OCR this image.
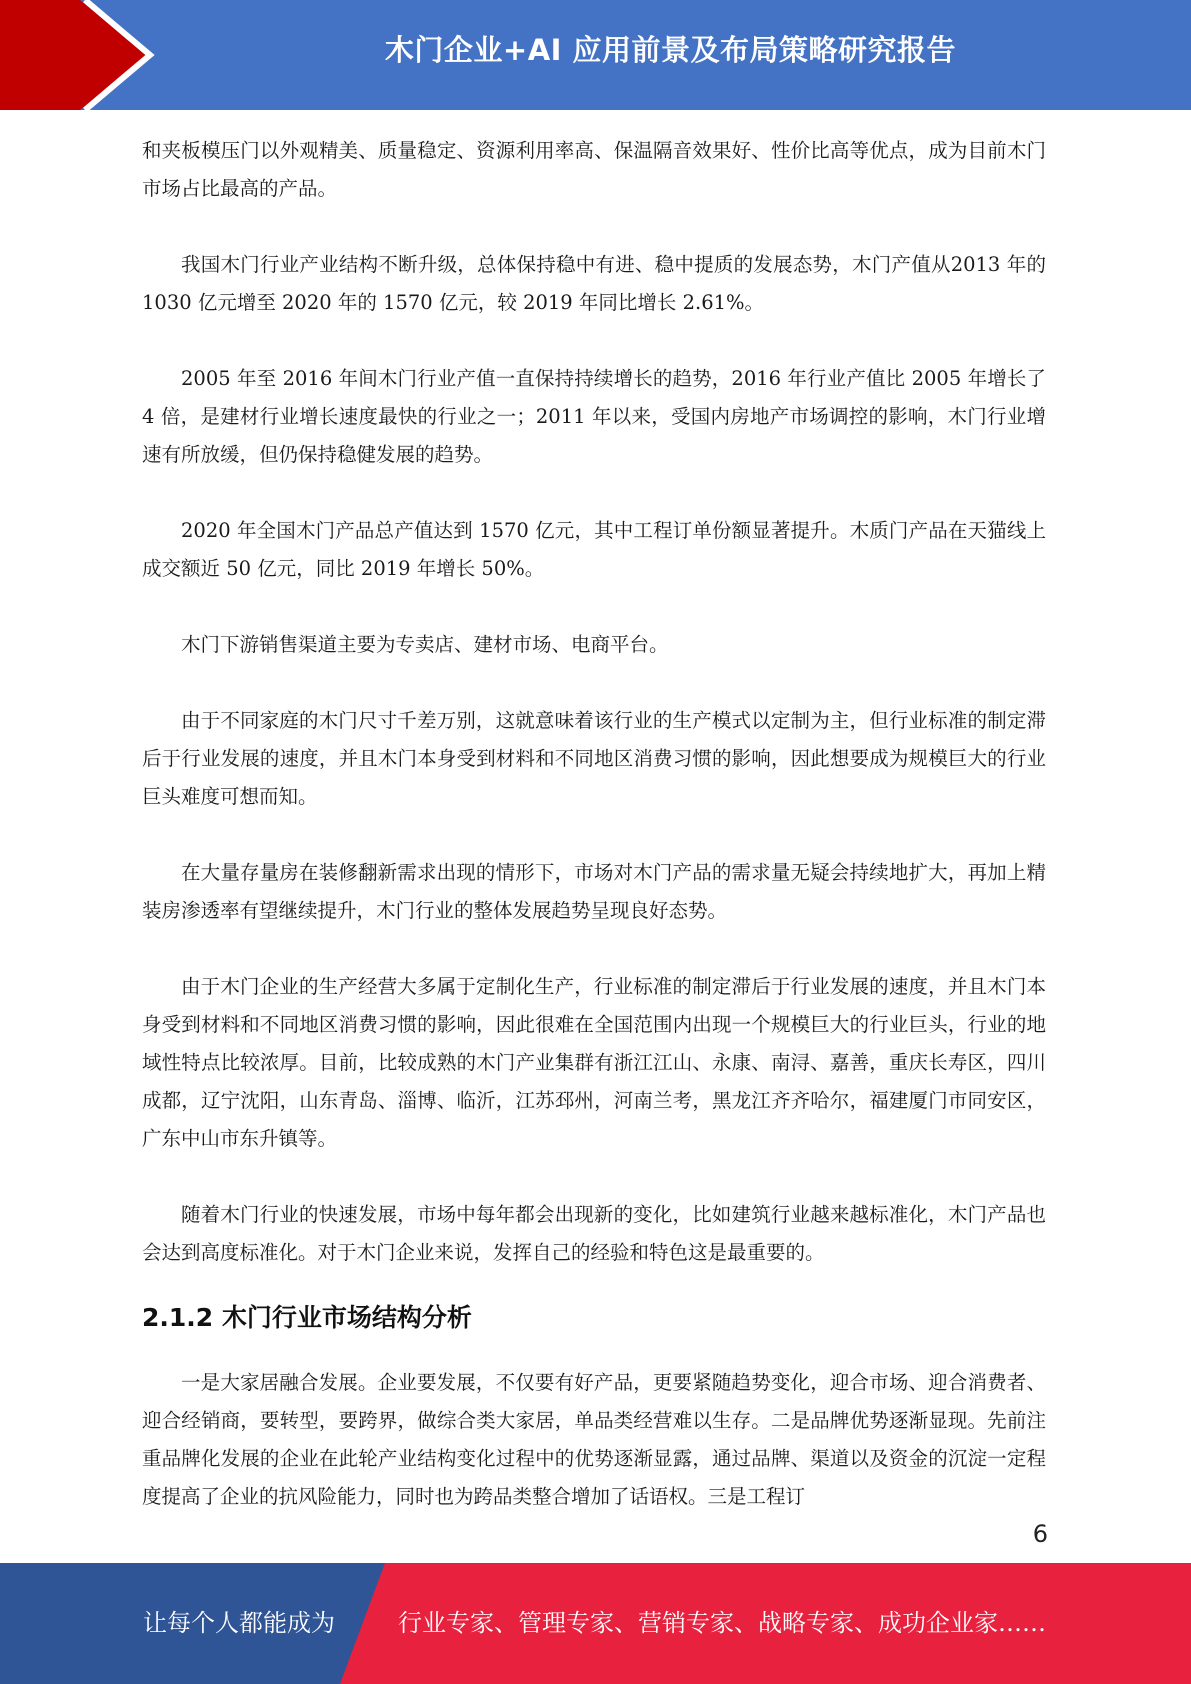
木门企业+AI 应用前景及布局策略研究报告

和夹板模压门以外观精美、质量稳定、资源利用率高、保温隔音效果好、性价比高等优点，成为目前木门市场占比最高的产品。

我国木门行业产业结构不断升级，总体保持稳中有进、稳中提质的发展态势，木门产值从2013 年的 1030 亿元增至 2020 年的 1570 亿元，较 2019 年同比增长 2.61%。

2005 年至 2016 年间木门行业产值一直保持持续增长的趋势，2016 年行业产值比 2005 年增长了 4 倍，是建材行业增长速度最快的行业之一；2011 年以来，受国内房地产市场调控的影响，木门行业增速有所放缓，但仍保持稳健发展的趋势。

2020 年全国木门产品总产值达到 1570 亿元，其中工程订单份额显著提升。木质门产品在天猫线上成交额近 50 亿元，同比 2019 年增长 50%。

木门下游销售渠道主要为专卖店、建材市场、电商平台。

由于不同家庭的木门尺寸千差万别，这就意味着该行业的生产模式以定制为主，但行业标准的制定滞后于行业发展的速度，并且木门本身受到材料和不同地区消费习惯的影响，因此想要成为规模巨大的行业巨头难度可想而知。

在大量存量房在装修翻新需求出现的情形下，市场对木门产品的需求量无疑会持续地扩大，再加上精装房渗透率有望继续提升，木门行业的整体发展趋势呈现良好态势。

由于木门企业的生产经营大多属于定制化生产，行业标准的制定滞后于行业发展的速度，并且木门本身受到材料和不同地区消费习惯的影响，因此很难在全国范围内出现一个规模巨大的行业巨头，行业的地域性特点比较浓厚。目前，比较成熟的木门产业集群有浙江江山、永康、南浔、嘉善，重庆长寿区，四川成都，辽宁沈阳，山东青岛、淄博、临沂，江苏邳州，河南兰考，黑龙江齐齐哈尔，福建厦门市同安区，广东中山市东升镇等。

随着木门行业的快速发展，市场中每年都会出现新的变化，比如建筑行业越来越标准化，木门产品也会达到高度标准化。对于木门企业来说，发挥自己的经验和特色这是最重要的。

2.1.2 木门行业市场结构分析

一是大家居融合发展。企业要发展，不仅要有好产品，更要紧随趋势变化，迎合市场、迎合消费者、迎合经销商，要转型，要跨界，做综合类大家居，单品类经营难以生存。二是品牌优势逐渐显现。先前注重品牌化发展的企业在此轮产业结构变化过程中的优势逐渐显露，通过品牌、渠道以及资金的沉淀一定程度提高了企业的抗风险能力，同时也为跨品类整合增加了话语权。三是工程订

6
让每个人都能成为	行业专家、管理专家、营销专家、战略专家、成功企业家……
